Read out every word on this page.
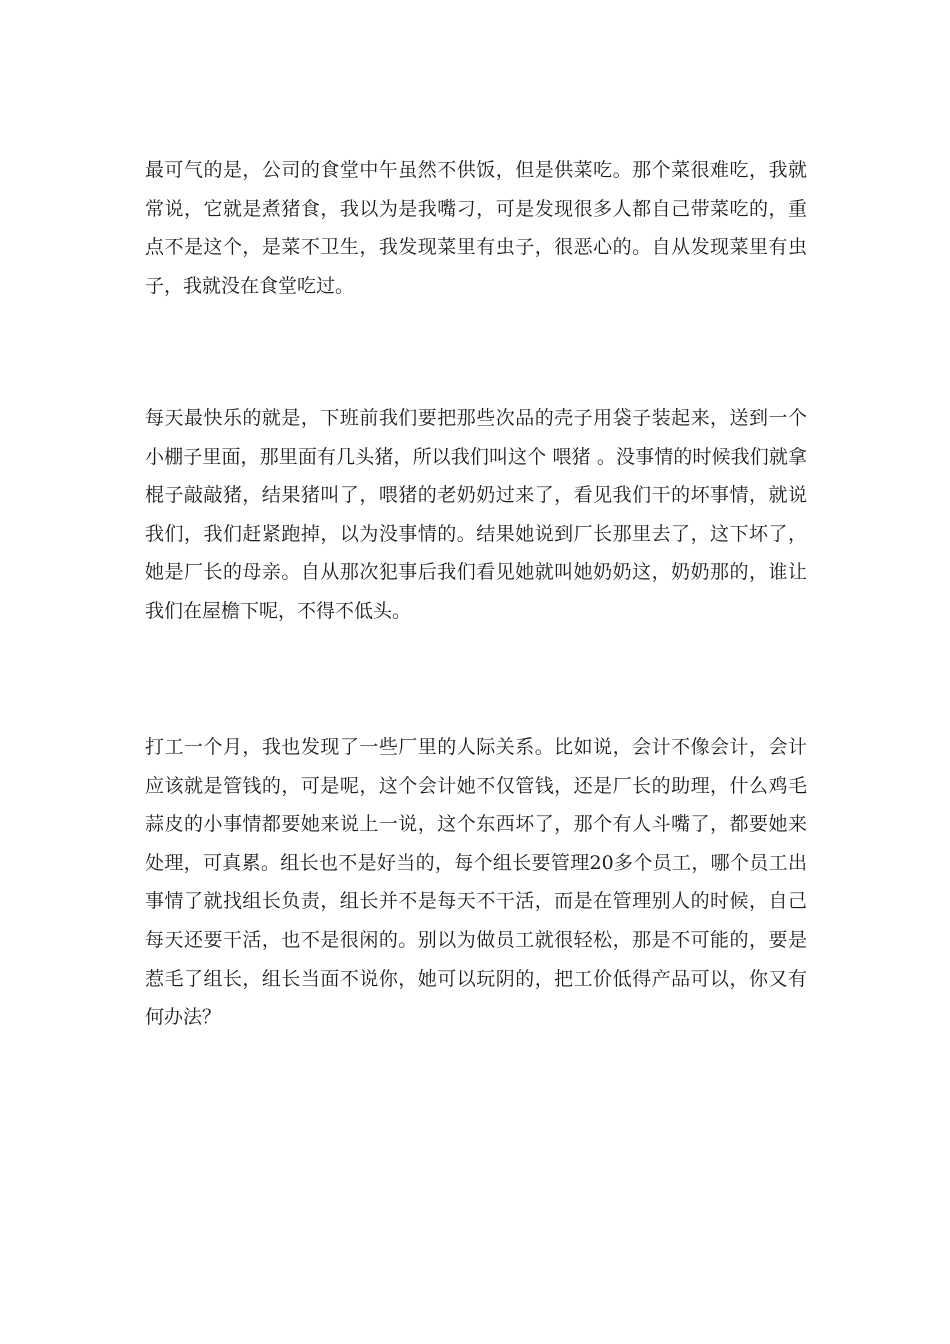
最可气的是，公司的食堂中午虽然不供饭，但是供菜吃。那个菜很难吃，我就常说，它就是煮猪食，我以为是我嘴刁，可是发现很多人都自己带菜吃的，重点不是这个，是菜不卫生，我发现菜里有虫子，很恶心的。自从发现菜里有虫子，我就没在食堂吃过。

每天最快乐的就是，下班前我们要把那些次品的壳子用袋子装起来，送到一个小棚子里面，那里面有几头猪，所以我们叫这个 喂猪 。没事情的时候我们就拿棍子敲敲猪，结果猪叫了，喂猪的老奶奶过来了，看见我们干的坏事情，就说我们，我们赶紧跑掉，以为没事情的。结果她说到厂长那里去了，这下坏了，她是厂长的母亲。自从那次犯事后我们看见她就叫她奶奶这，奶奶那的，谁让我们在屋檐下呢，不得不低头。

打工一个月，我也发现了一些厂里的人际关系。比如说，会计不像会计，会计应该就是管钱的，可是呢，这个会计她不仅管钱，还是厂长的助理，什么鸡毛蒜皮的小事情都要她来说上一说，这个东西坏了，那个有人斗嘴了，都要她来处理，可真累。组长也不是好当的，每个组长要管理20多个员工，哪个员工出事情了就找组长负责，组长并不是每天不干活，而是在管理别人的时候，自己每天还要干活，也不是很闲的。别以为做员工就很轻松，那是不可能的，要是惹毛了组长，组长当面不说你，她可以玩阴的，把工价低得产品可以，你又有何办法？
